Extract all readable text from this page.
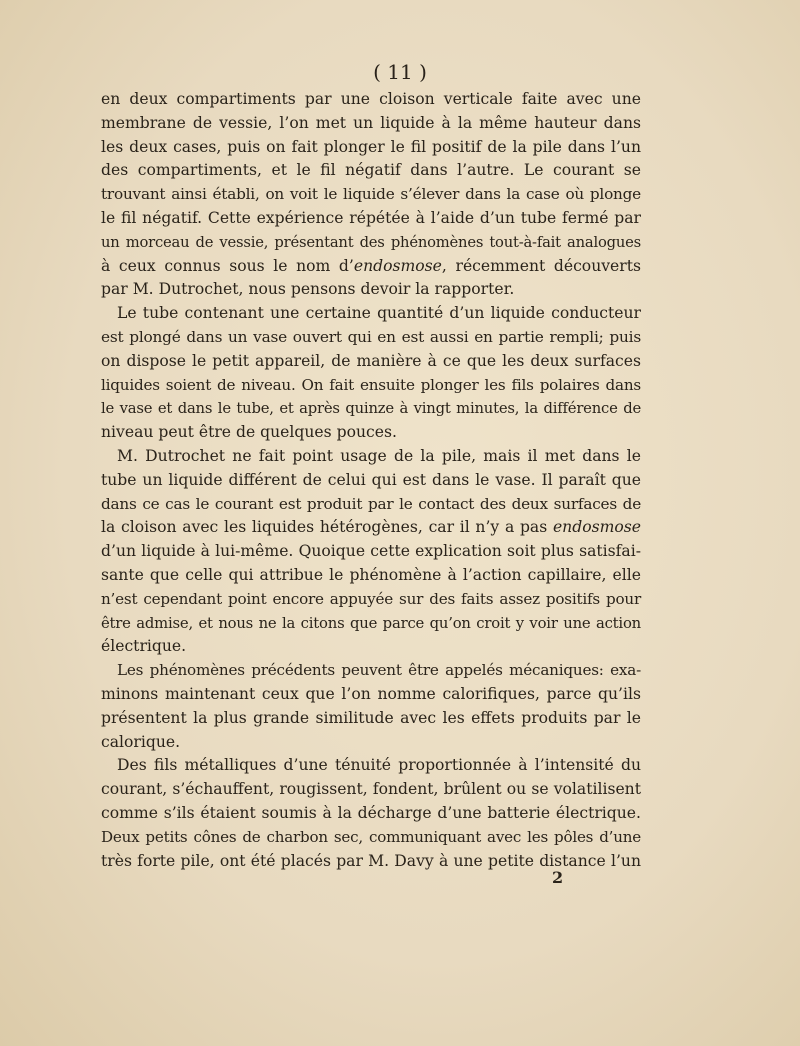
( 11 )
en deux compartiments par une cloison verticale faite avec une
membrane de vessie, l’on met un liquide à la même hauteur dans
les deux cases, puis on fait plonger le fil positif de la pile dans l’un
des compartiments, et le fil négatif dans l’autre. Le courant se
trouvant ainsi établi, on voit le liquide s’élever dans la case où plonge
le fil négatif. Cette expérience répétée à l’aide d’un tube fermé par
un morceau de vessie, présentant des phénomènes tout-à-fait analogues
à ceux connus sous le nom d’endosmose, récemment découverts
par M. Dutrochet, nous pensons devoir la rapporter.
Le tube contenant une certaine quantité d’un liquide conducteur
est plongé dans un vase ouvert qui en est aussi en partie rempli; puis
on dispose le petit appareil, de manière à ce que les deux surfaces
liquides soient de niveau. On fait ensuite plonger les fils polaires dans
le vase et dans le tube, et après quinze à vingt minutes, la différence de
niveau peut être de quelques pouces.
M. Dutrochet ne fait point usage de la pile, mais il met dans le
tube un liquide différent de celui qui est dans le vase. Il paraît que
dans ce cas le courant est produit par le contact des deux surfaces de
la cloison avec les liquides hétérogènes, car il n’y a pas endosmose
d’un liquide à lui-même. Quoique cette explication soit plus satisfai-
sante que celle qui attribue le phénomène à l’action capillaire, elle
n’est cependant point encore appuyée sur des faits assez positifs pour
être admise, et nous ne la citons que parce qu’on croit y voir une action
électrique.
Les phénomènes précédents peuvent être appelés mécaniques: exa-
minons maintenant ceux que l’on nomme calorifiques, parce qu’ils
présentent la plus grande similitude avec les effets produits par le
calorique.
Des fils métalliques d’une ténuité proportionnée à l’intensité du
courant, s’échauffent, rougissent, fondent, brûlent ou se volatilisent
comme s’ils étaient soumis à la décharge d’une batterie électrique.
Deux petits cônes de charbon sec, communiquant avec les pôles d’une
très forte pile, ont été placés par M. Davy à une petite distance l’un
2
